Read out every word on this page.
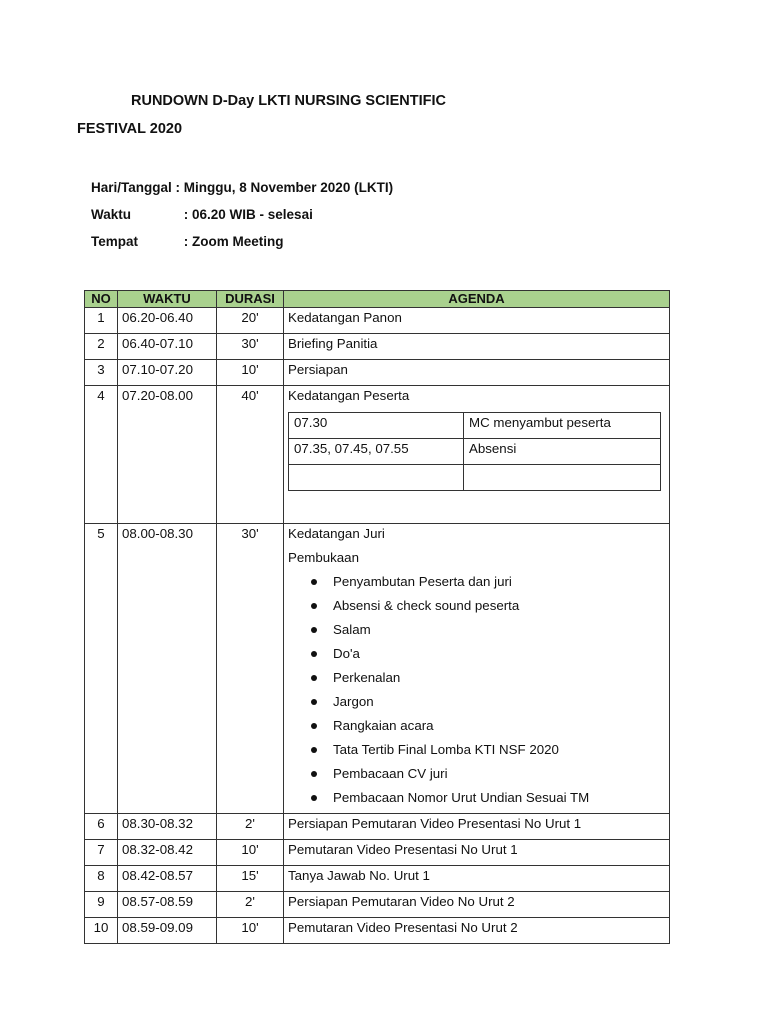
RUNDOWN D-Day LKTI NURSING SCIENTIFIC
FESTIVAL 2020
Hari/Tanggal : Minggu, 8 November 2020 (LKTI)
Waktu	: 06.20 WIB - selesai
Tempat	: Zoom Meeting
NO	WAKTU	DURASI	AGENDA
1	06.20-06.40	20'	Kedatangan Panon
2	06.40-07.10	30'	Briefing Panitia
3	07.10-07.20	10'	Persiapan
4	07.20-08.00	40'	Kedatangan Peserta
07.30	MC menyambut peserta
07.35, 07.45, 07.55	Absensi

5	08.00-08.30	30'	Kedatangan Juri
Pembukaan
Penyambutan Peserta dan juri
Absensi & check sound peserta
Salam
Do'a
Perkenalan
Jargon
Rangkaian acara
Tata Tertib Final Lomba KTI NSF 2020
Pembacaan CV juri
Pembacaan Nomor Urut Undian Sesuai TM

6	08.30-08.32	2'	Persiapan Pemutaran Video Presentasi No Urut 1
7	08.32-08.42	10'	Pemutaran Video Presentasi No Urut 1
8	08.42-08.57	15'	Tanya Jawab No. Urut 1
9	08.57-08.59	2'	Persiapan Pemutaran Video No Urut 2
10	08.59-09.09	10'	Pemutaran Video Presentasi No Urut 2
